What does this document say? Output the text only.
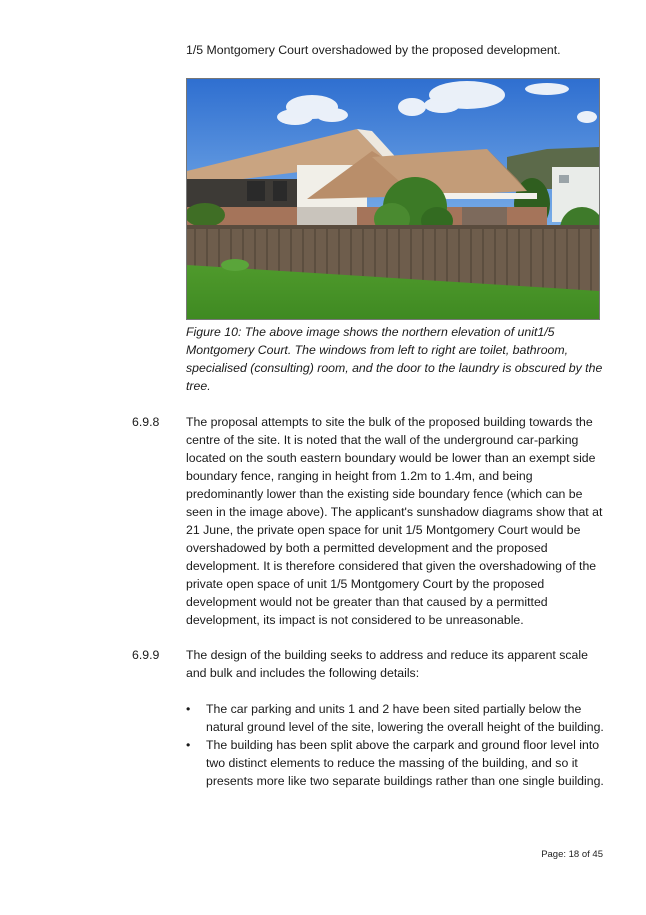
1/5 Montgomery Court overshadowed by the proposed development.

Figure 10: The above image shows the northern elevation of unit1/5 Montgomery Court. The windows from left to right are toilet, bathroom, specialised (consulting) room, and the door to the laundry is obscured by the tree.

6.9.8	The proposal attempts to site the bulk of the proposed building towards the centre of the site. It is noted that the wall of the underground car-parking located on the south eastern boundary would be lower than an exempt side boundary fence, ranging in height from 1.2m to 1.4m, and being predominantly lower than the existing side boundary fence (which can be seen in the image above). The applicant's sunshadow diagrams show that at 21 June, the private open space for unit 1/5 Montgomery Court would be overshadowed by both a permitted development and the proposed development. It is therefore considered that given the overshadowing of the private open space of unit 1/5 Montgomery Court by the proposed development would not be greater than that caused by a permitted development, its impact is not considered to be unreasonable.

6.9.9	The design of the building seeks to address and reduce its apparent scale and bulk and includes the following details:

•	The car parking and units 1 and 2 have been sited partially below the natural ground level of the site, lowering the overall height of the building.
•	The building has been split above the carpark and ground floor level into two distinct elements to reduce the massing of the building, and so it presents more like two separate buildings rather than one single building.
Page: 18 of 45
